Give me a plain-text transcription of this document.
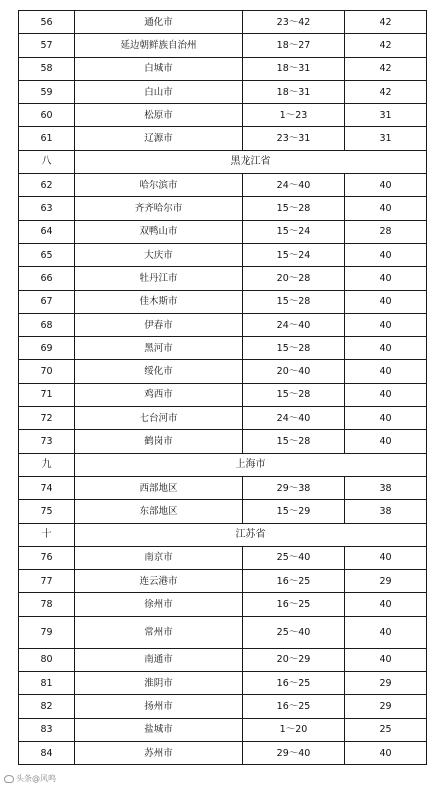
56	通化市	23～42	42
57	延边朝鲜族自治州	18～27	42
58	白城市	18～31	42
59	白山市	18～31	42
60	松原市	1～23	31
61	辽源市	23～31	31
八	黑龙江省		
62	哈尔滨市	24～40	40
63	齐齐哈尔市	15～28	40
64	双鸭山市	15～24	28
65	大庆市	15～24	40
66	牡丹江市	20～28	40
67	佳木斯市	15～28	40
68	伊春市	24～40	40
69	黑河市	15～28	40
70	绥化市	20～40	40
71	鸡西市	15～28	40
72	七台河市	24～40	40
73	鹤岗市	15～28	40
九	上海市		
74	西部地区	29～38	38
75	东部地区	15～29	38
十	江苏省		
76	南京市	25～40	40
77	连云港市	16～25	29
78	徐州市	16～25	40
79	常州市	25～40	40
80	南通市	20～29	40
81	淮阴市	16～25	29
82	扬州市	16～25	29
83	盐城市	1～20	25
84	苏州市	29～40	40
头条@风鸣
